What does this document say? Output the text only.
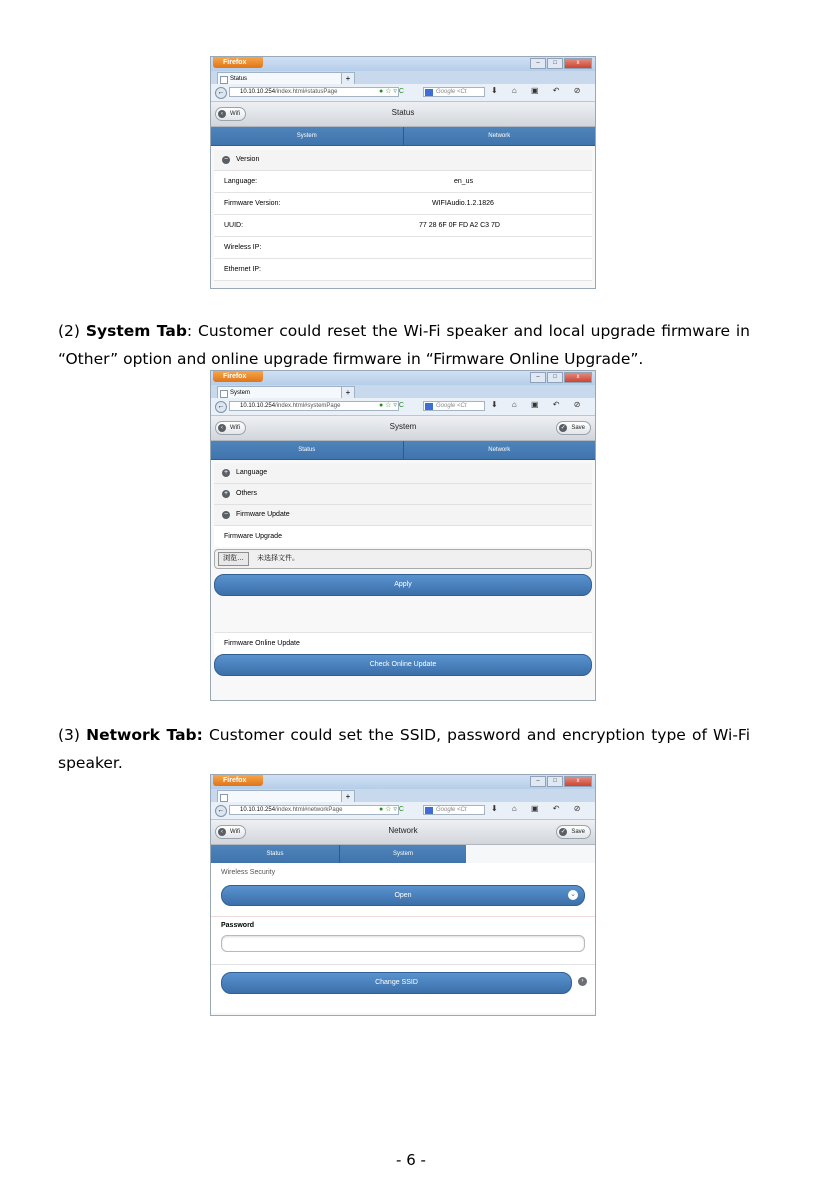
Firefox	–	□	x
Status	+
←	10.10.10.254/index.html#statusPage	● ☆ ▿ C	Google <Ct	⬇ ⌂ ▣ ↶ ⊘
‹	Wifi	Status
System	Network
− Version
Language:	en_us
Firmware Version:	WIFIAudio.1.2.1826
UUID:	77 28 6F 0F FD A2 C3 7D
Wireless IP:
Ethernet IP:
(2) System Tab: Customer could reset the Wi-Fi speaker and local upgrade firmware in “Other” option and online upgrade firmware in “Firmware Online Upgrade”.
Firefox	–	□	x
System	+
←	10.10.10.254/index.html#systemPage	● ☆ ▿ C	Google <Ct	⬇ ⌂ ▣ ↶ ⊘
‹	Wifi	System	✓ Save
Status	Network
+ Language
+ Others
− Firmware Update
Firmware Upgrade
浏览…	未选择文件。
Apply
Firmware Online Update
Check Online Update
(3) Network Tab: Customer could set the SSID, password and encryption type of Wi-Fi speaker.
Firefox	–	□	x
+
←	10.10.10.254/index.html#networkPage	● ☆ ▿ C	Google <Ct	⬇ ⌂ ▣ ↶ ⊘
‹	Wifi	Network	✓ Save
Status	System
Wireless Security
Open	⌄
Password
Change SSID	›
- 6 -
